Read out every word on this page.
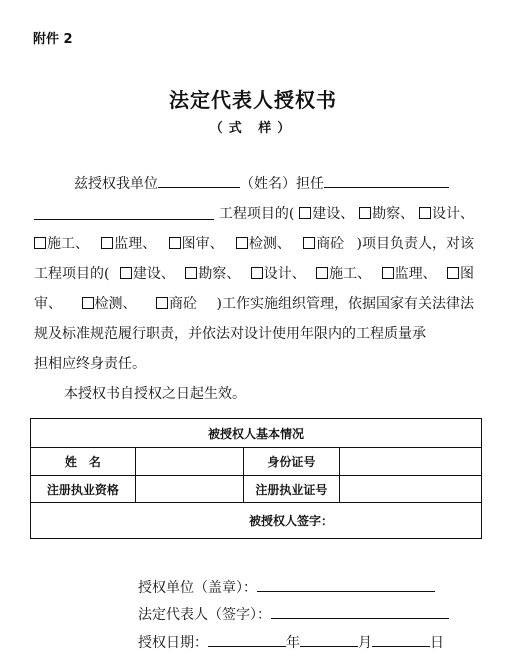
附件 2
法定代表人授权书
（式 样）
兹授权我单位	（姓名）担任
工程项目的(	建设、	勘察、	设计、
施工、	监理、	图审、	检测、	商砼 )项目负责人，对该
工程项目的(	建设、	勘察、	设计、	施工、	监理、	图
审、	检测、	商砼 )工作实施组织管理，依据国家有关法律法
规及标准规范履行职责，并依法对设计使用年限内的工程质量承
担相应终身责任。
本授权书自授权之日起生效。
被授权人基本情况			
姓　名		身份证号	
注册执业资格		注册执业证号	
被授权人签字：			
授权单位（盖章）：
法定代表人（签字）：
授权日期：	年	月	日
